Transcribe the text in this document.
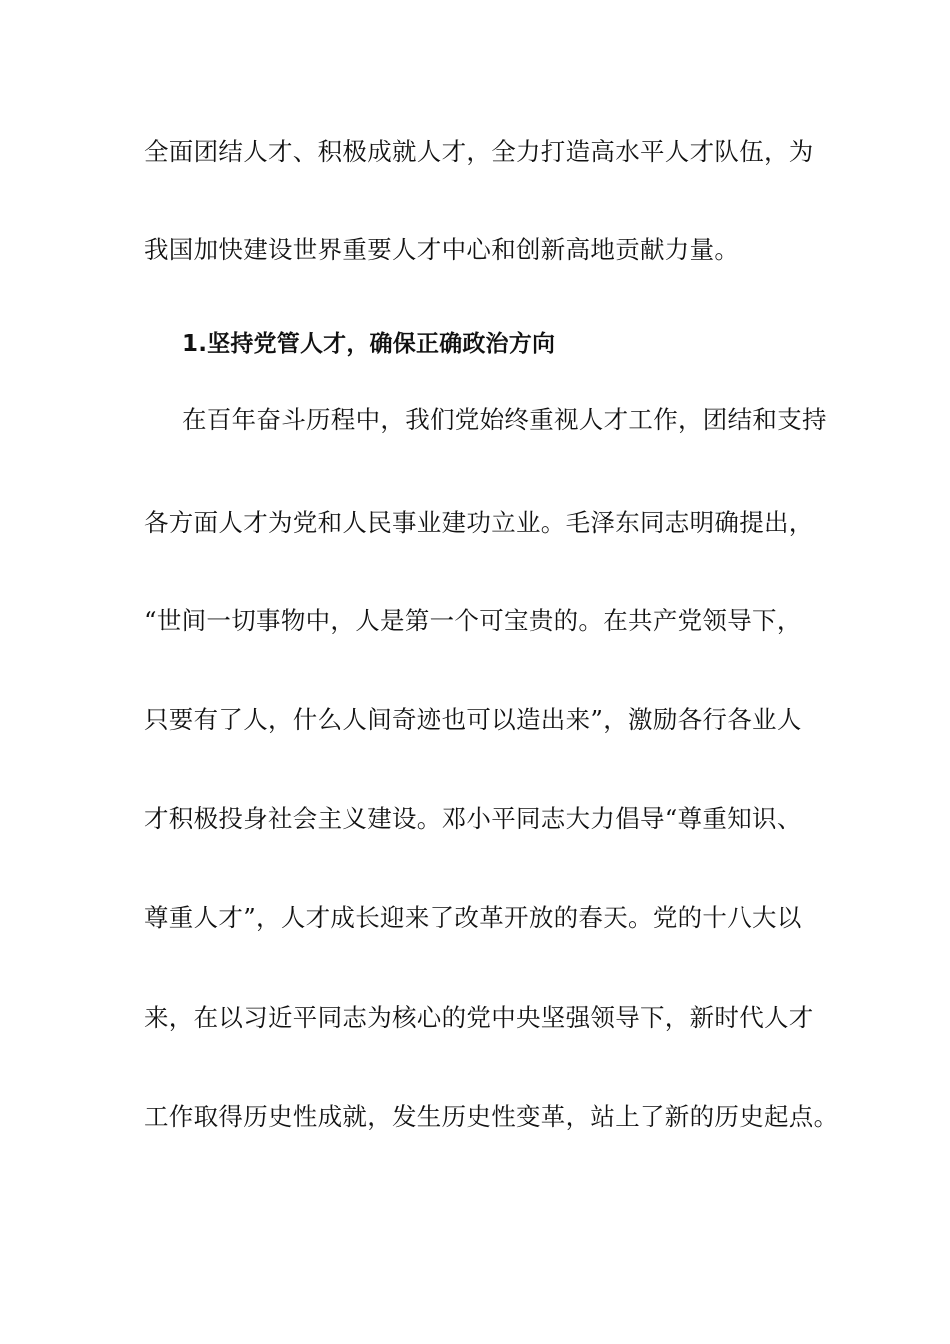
全面团结人才、积极成就人才，全力打造高水平人才队伍，为
我国加快建设世界重要人才中心和创新高地贡献力量。
1.坚持党管人才，确保正确政治方向
在百年奋斗历程中，我们党始终重视人才工作，团结和支持
各方面人才为党和人民事业建功立业。毛泽东同志明确提出，
“世间一切事物中，人是第一个可宝贵的。在共产党领导下，
只要有了人，什么人间奇迹也可以造出来”，激励各行各业人
才积极投身社会主义建设。邓小平同志大力倡导“尊重知识、
尊重人才”，人才成长迎来了改革开放的春天。党的十八大以
来，在以习近平同志为核心的党中央坚强领导下，新时代人才
工作取得历史性成就，发生历史性变革，站上了新的历史起点。
